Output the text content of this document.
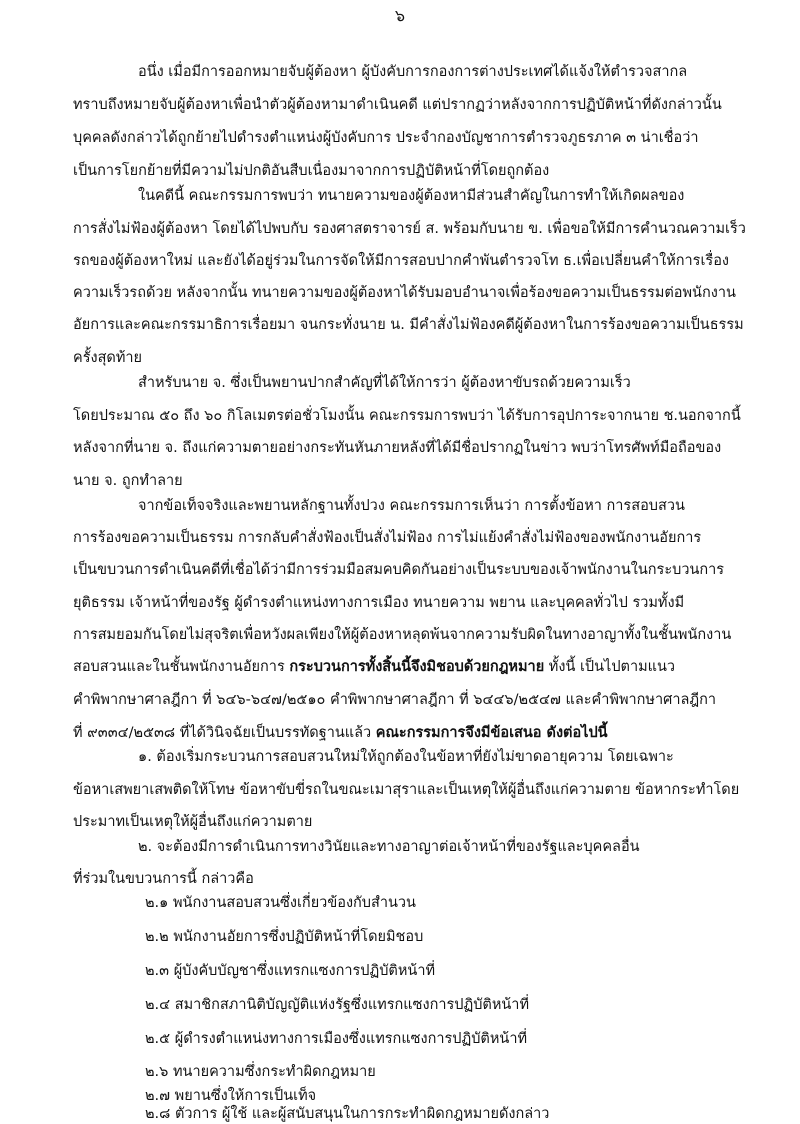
๖
อนึ่ง เมื่อมีการออกหมายจับผู้ต้องหา ผู้บังคับการกองการต่างประเทศได้แจ้งให้ตำรวจสากล
ทราบถึงหมายจับผู้ต้องหาเพื่อนำตัวผู้ต้องหามาดำเนินคดี แต่ปรากฏว่าหลังจากการปฏิบัติหน้าที่ดังกล่าวนั้น
บุคคลดังกล่าวได้ถูกย้ายไปดำรงตำแหน่งผู้บังคับการ ประจำกองบัญชาการตำรวจภูธรภาค ๓ น่าเชื่อว่า
เป็นการโยกย้ายที่มีความไม่ปกติอันสืบเนื่องมาจากการปฏิบัติหน้าที่โดยถูกต้อง
ในคดีนี้ คณะกรรมการพบว่า ทนายความของผู้ต้องหามีส่วนสำคัญในการทำให้เกิดผลของ
การสั่งไม่ฟ้องผู้ต้องหา โดยได้ไปพบกับ รองศาสตราจารย์ ส. พร้อมกับนาย ข. เพื่อขอให้มีการคำนวณความเร็ว
รถของผู้ต้องหาใหม่ และยังได้อยู่ร่วมในการจัดให้มีการสอบปากคำพันตำรวจโท ธ.เพื่อเปลี่ยนคำให้การเรื่อง
ความเร็วรถด้วย หลังจากนั้น ทนายความของผู้ต้องหาได้รับมอบอำนาจเพื่อร้องขอความเป็นธรรมต่อพนักงาน
อัยการและคณะกรรมาธิการเรื่อยมา จนกระทั่งนาย น. มีคำสั่งไม่ฟ้องคดีผู้ต้องหาในการร้องขอความเป็นธรรม
ครั้งสุดท้าย
สำหรับนาย จ. ซึ่งเป็นพยานปากสำคัญที่ได้ให้การว่า ผู้ต้องหาขับรถด้วยความเร็ว
โดยประมาณ ๕๐ ถึง ๖๐ กิโลเมตรต่อชั่วโมงนั้น คณะกรรมการพบว่า ได้รับการอุปการะจากนาย ช.นอกจากนี้
หลังจากที่นาย จ. ถึงแก่ความตายอย่างกระทันหันภายหลังที่ได้มีชื่อปรากฏในข่าว พบว่าโทรศัพท์มือถือของ
นาย จ. ถูกทำลาย
จากข้อเท็จจริงและพยานหลักฐานทั้งปวง คณะกรรมการเห็นว่า การตั้งข้อหา การสอบสวน
การร้องขอความเป็นธรรม การกลับคำสั่งฟ้องเป็นสั่งไม่ฟ้อง การไม่แย้งคำสั่งไม่ฟ้องของพนักงานอัยการ
เป็นขบวนการดำเนินคดีที่เชื่อได้ว่ามีการร่วมมือสมคบคิดกันอย่างเป็นระบบของเจ้าพนักงานในกระบวนการ
ยุติธรรม เจ้าหน้าที่ของรัฐ ผู้ดำรงตำแหน่งทางการเมือง ทนายความ พยาน และบุคคลทั่วไป รวมทั้งมี
การสมยอมกันโดยไม่สุจริตเพื่อหวังผลเพียงให้ผู้ต้องหาหลุดพ้นจากความรับผิดในทางอาญาทั้งในชั้นพนักงาน
สอบสวนและในชั้นพนักงานอัยการ กระบวนการทั้งสิ้นนี้จึงมิชอบด้วยกฎหมาย ทั้งนี้ เป็นไปตามแนว
คำพิพากษาศาลฎีกา ที่ ๖๔๖-๖๔๗/๒๕๑๐ คำพิพากษาศาลฎีกา ที่ ๖๔๔๖/๒๕๔๗ และคำพิพากษาศาลฎีกา
ที่ ๙๓๓๔/๒๕๓๘ ที่ได้วินิจฉัยเป็นบรรทัดฐานแล้ว คณะกรรมการจึงมีข้อเสนอ ดังต่อไปนี้
๑. ต้องเริ่มกระบวนการสอบสวนใหม่ให้ถูกต้องในข้อหาที่ยังไม่ขาดอายุความ โดยเฉพาะ
ข้อหาเสพยาเสพติดให้โทษ ข้อหาขับขี่รถในขณะเมาสุราและเป็นเหตุให้ผู้อื่นถึงแก่ความตาย ข้อหากระทำโดย
ประมาทเป็นเหตุให้ผู้อื่นถึงแก่ความตาย
๒. จะต้องมีการดำเนินการทางวินัยและทางอาญาต่อเจ้าหน้าที่ของรัฐและบุคคลอื่น
ที่ร่วมในขบวนการนี้ กล่าวคือ
๒.๑ พนักงานสอบสวนซึ่งเกี่ยวข้องกับสำนวน
๒.๒ พนักงานอัยการซึ่งปฏิบัติหน้าที่โดยมิชอบ
๒.๓ ผู้บังคับบัญชาซึ่งแทรกแซงการปฏิบัติหน้าที่
๒.๔ สมาชิกสภานิติบัญญัติแห่งรัฐซึ่งแทรกแซงการปฏิบัติหน้าที่
๒.๕ ผู้ดำรงตำแหน่งทางการเมืองซึ่งแทรกแซงการปฏิบัติหน้าที่
๒.๖ ทนายความซึ่งกระทำผิดกฎหมาย
๒.๗ พยานซึ่งให้การเป็นเท็จ
๒.๘ ตัวการ ผู้ใช้ และผู้สนับสนุนในการกระทำผิดกฎหมายดังกล่าว
